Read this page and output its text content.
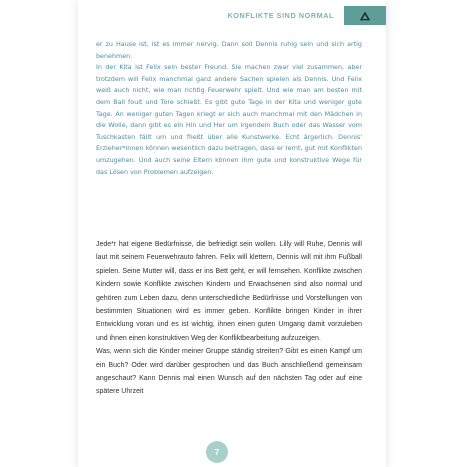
KONFLIKTE SIND NORMAL

er zu Hause ist, ist es immer nervig. Dann soll Dennis ruhig sein und sich artig benehmen.

In der Kita ist Felix sein bester Freund. Sie machen zwar viel zusammen, aber trotzdem will Felix manchmal ganz andere Sachen spielen als Dennis. Und Felix weiß auch nicht, wie man richtig Feuerwehr spielt. Und wie man am besten mit dem Ball foult und Tore schießt. Es gibt gute Tage in der Kita und weniger gute Tage. An weniger guten Tagen kriegt er sich auch manchmal mit den Mädchen in die Wolle, dann gibt es ein Hin und Her um irgendein Buch oder das Wasser vom Tuschkasten fällt um und fließt über alle Kunstwerke. Echt ärgerlich. Dennis' Erzieher*innen können wesentlich dazu beitragen, dass er lernt, gut mit Konflikten umzugehen. Und auch seine Eltern können ihm gute und konstruktive Wege für das Lösen von Problemen aufzeigen.

Jede*r hat eigene Bedürfnisse, die befriedigt sein wollen. Lilly will Ruhe, Dennis will laut mit seinem Feuerwehrauto fahren. Felix will klettern, Dennis will mit ihm Fußball spielen. Seine Mutter will, dass er ins Bett geht, er will fernsehen. Konflikte zwischen Kindern sowie Konflikte zwischen Kindern und Erwachsenen sind also normal und gehören zum Leben dazu, denn unterschiedliche Bedürfnisse und Vorstellungen von bestimmten Situationen wird es immer geben. Konflikte bringen Kinder in ihrer Entwicklung voran und es ist wichtig, ihnen einen guten Umgang damit vorzuleben und ihnen einen konstruktiven Weg der Konfliktbearbeitung aufzuzeigen.

Was, wenn sich die Kinder meiner Gruppe ständig streiten? Gibt es einen Kampf um ein Buch? Oder wird darüber gesprochen und das Buch anschließend gemeinsam angeschaut? Kann Dennis mal einen Wunsch auf den nächsten Tag oder auf eine spätere Uhrzeit

7
